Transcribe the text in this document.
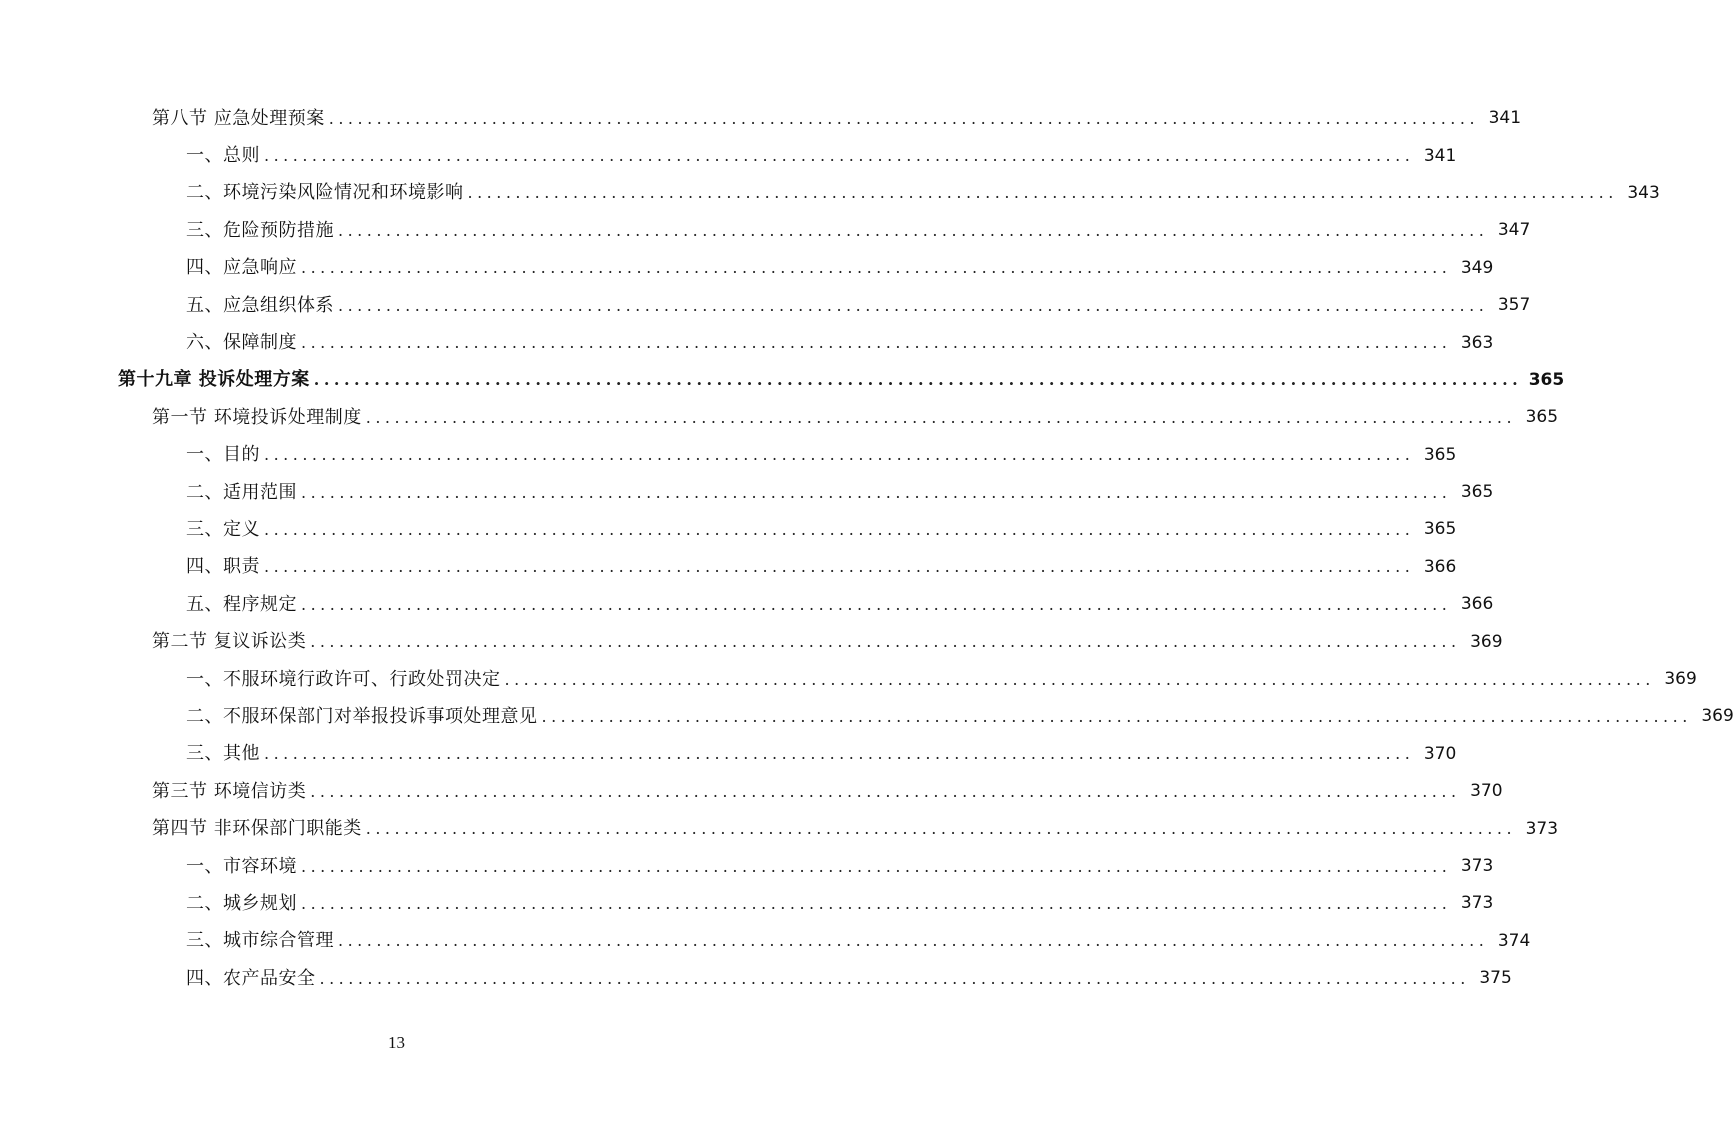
第八节 应急处理预案 ........................................................................................................................ 341
一、总则 ........................................................................................................................ 341
二、环境污染风险情况和环境影响 ........................................................................................................................ 343
三、危险预防措施 ........................................................................................................................ 347
四、应急响应 ........................................................................................................................ 349
五、应急组织体系 ........................................................................................................................ 357
六、保障制度 ........................................................................................................................ 363
第十九章 投诉处理方案 ........................................................................................................................ 365
第一节 环境投诉处理制度 ........................................................................................................................ 365
一、目的 ........................................................................................................................ 365
二、适用范围 ........................................................................................................................ 365
三、定义 ........................................................................................................................ 365
四、职责 ........................................................................................................................ 366
五、程序规定 ........................................................................................................................ 366
第二节 复议诉讼类 ........................................................................................................................ 369
一、不服环境行政许可、行政处罚决定 ........................................................................................................................ 369
二、不服环保部门对举报投诉事项处理意见 ........................................................................................................................ 369
三、其他 ........................................................................................................................ 370
第三节 环境信访类 ........................................................................................................................ 370
第四节 非环保部门职能类 ........................................................................................................................ 373
一、市容环境 ........................................................................................................................ 373
二、城乡规划 ........................................................................................................................ 373
三、城市综合管理 ........................................................................................................................ 374
四、农产品安全 ........................................................................................................................ 375
13
